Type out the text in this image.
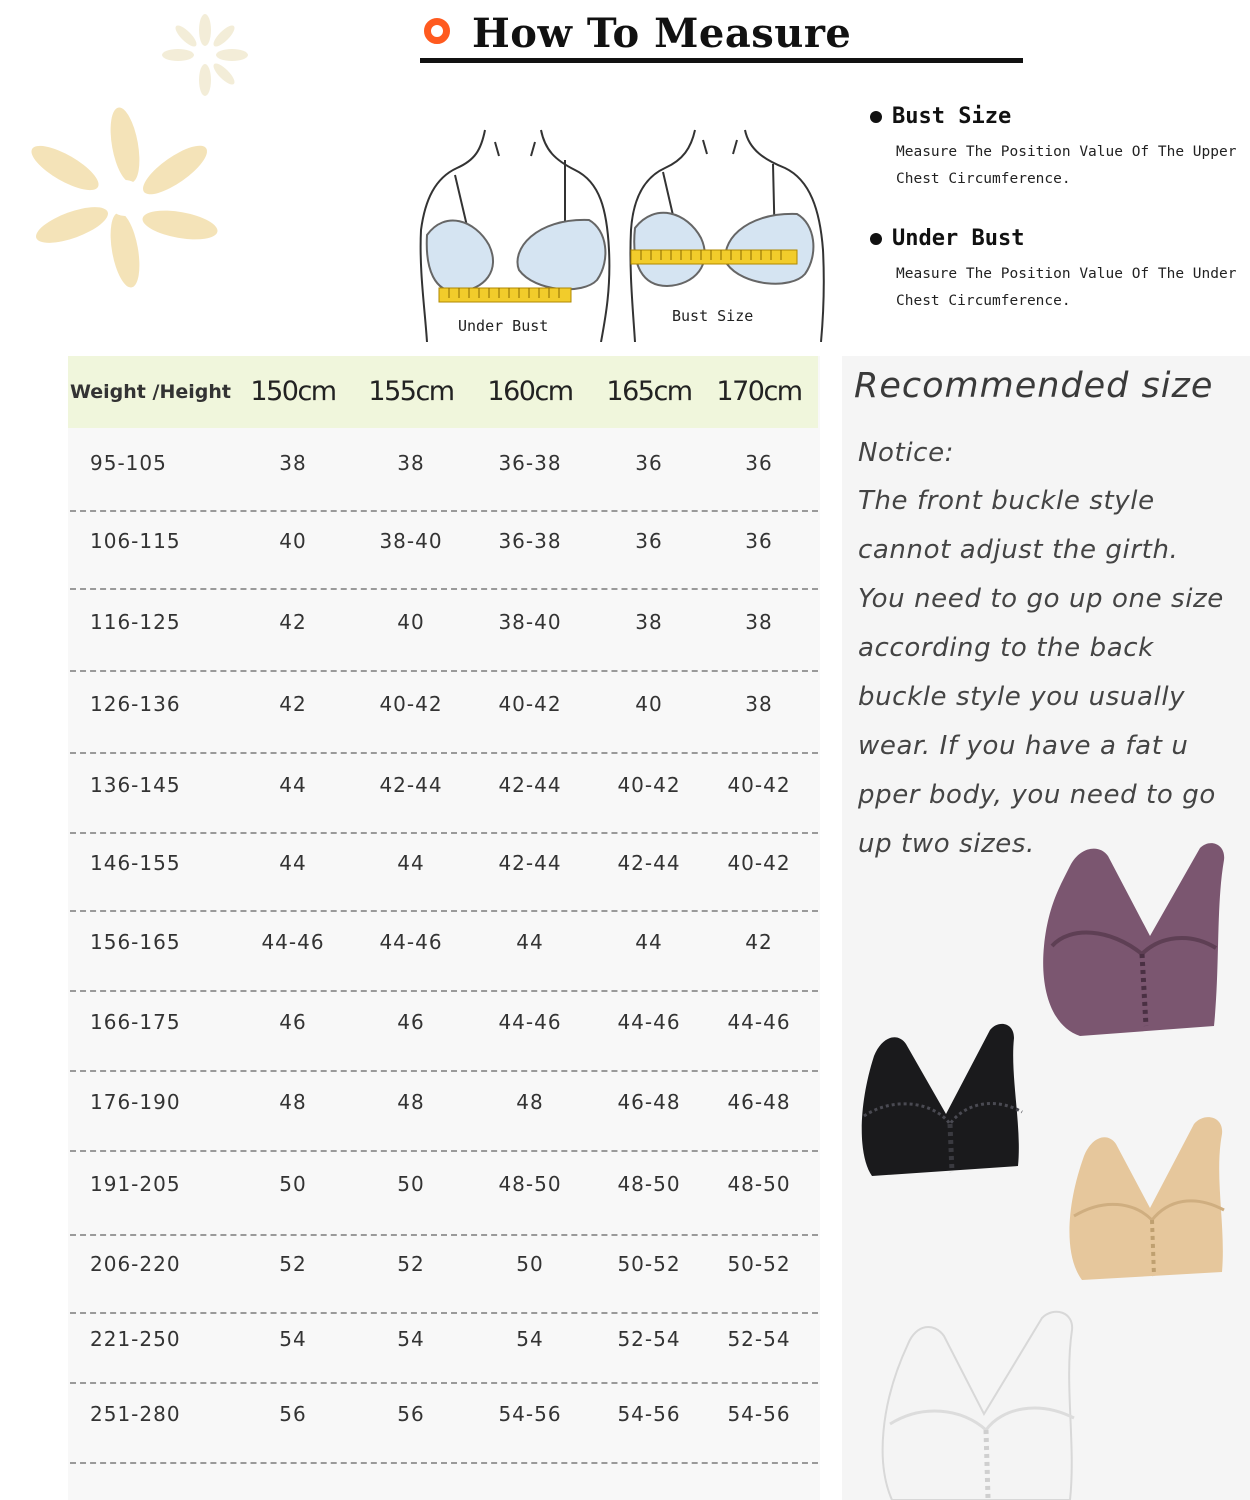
How To Measure
Under Bust
Bust Size
Bust Size
Measure The Position Value Of The Upper
Chest Circumference.
Under Bust
Measure The Position Value Of The Under
Chest Circumference.
Weight /Height 150cm	155cm	160cm	165cm 170cm
95-105	38	38	36-38	36	36
106-115	40	38-40	36-38	36	36
116-125	42	40	38-40	38	38
126-136	42	40-42	40-42	40	38
136-145	44	42-44	42-44	40-42	40-42
146-155	44	44	42-44	42-44	40-42
156-165	44-46	44-46	44	44	42
166-175	46	46	44-46	44-46	44-46
176-190	48	48	48	46-48	46-48
191-205	50	50	48-50	48-50	48-50
206-220	52	52	50	50-52	50-52
221-250	54	54	54	52-54	52-54
251-280	56	56	54-56	54-56	54-56
Recommended size
up two sizes.
pper body, you need to go
wear. If you have a fat u
buckle style you usually
according to the back
You need to go up one size
cannot adjust the girth.
The front buckle style
Notice:
